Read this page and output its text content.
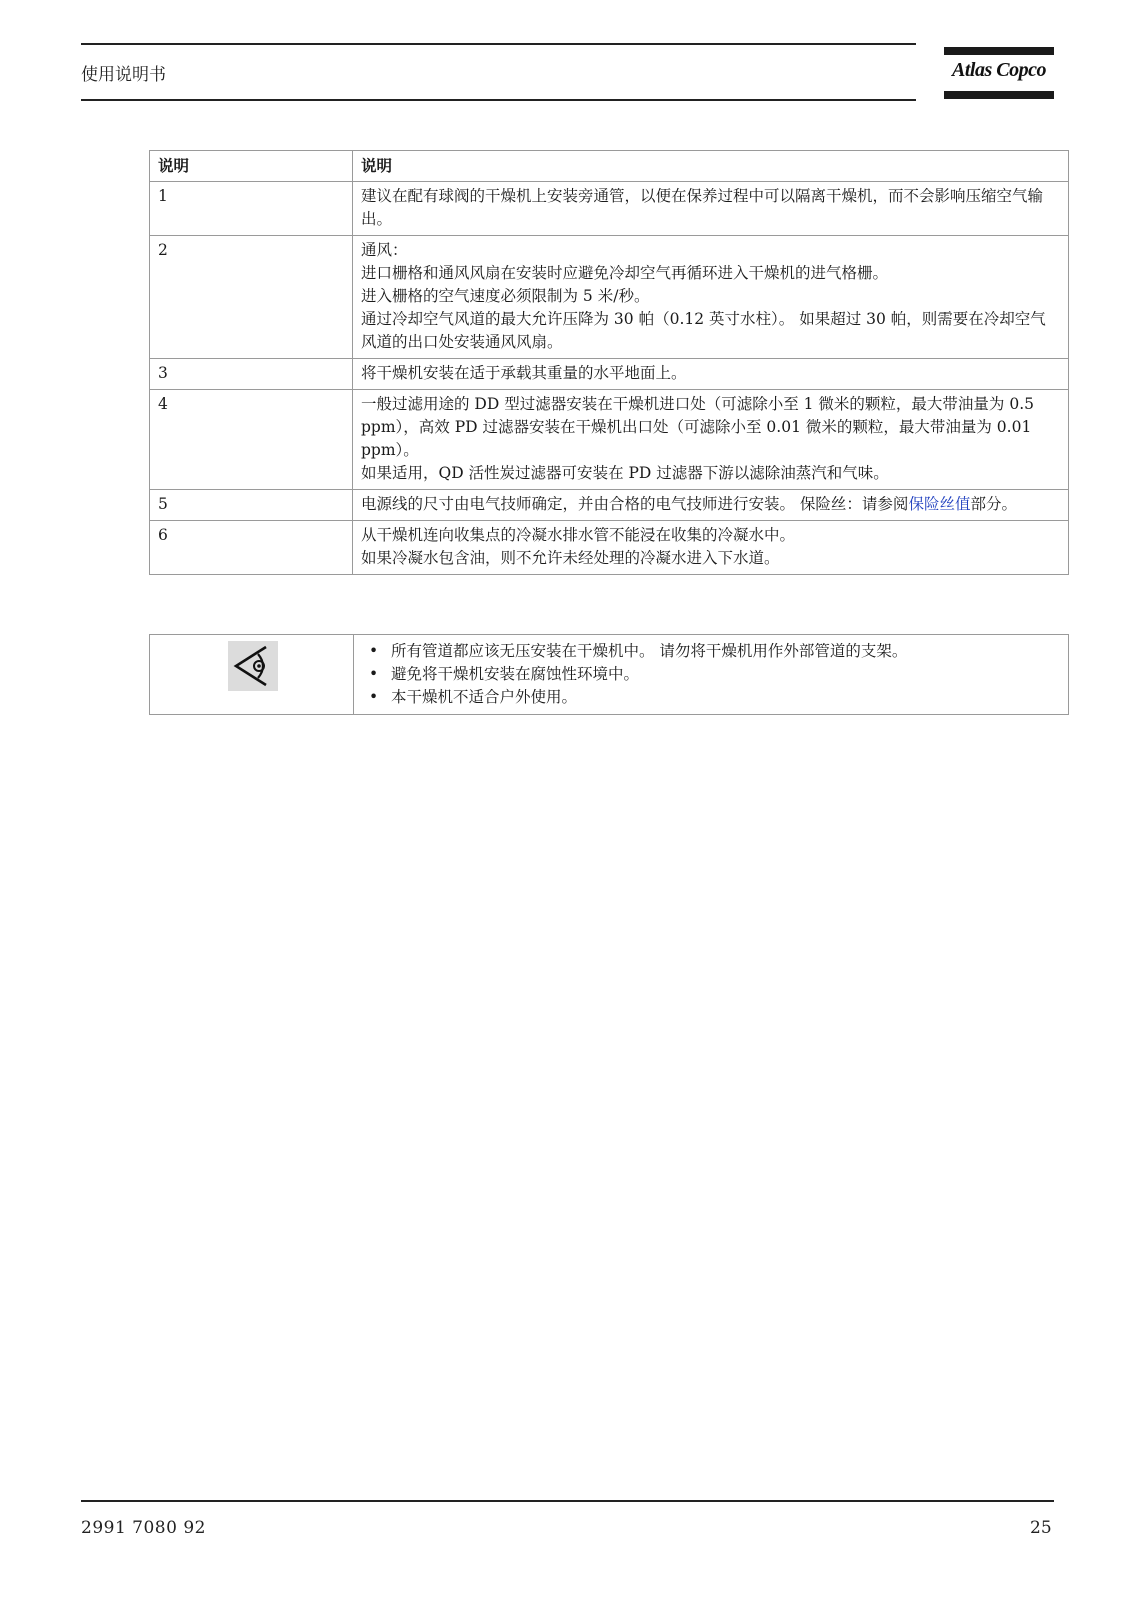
使用说明书	Atlas Copco
说明	说明
1	建议在配有球阀的干燥机上安装旁通管，以便在保养过程中可以隔离干燥机，而不会影响压缩空气输出。

2	通风：
进口栅格和通风风扇在安装时应避免冷却空气再循环进入干燥机的进气格栅。
进入栅格的空气速度必须限制为 5 米/秒。
通过冷却空气风道的最大允许压降为 30 帕（0.12 英寸水柱）。 如果超过 30 帕，则需要在冷却空气风道的出口处安装通风风扇。

3	将干燥机安装在适于承载其重量的水平地面上。

4	一般过滤用途的 DD 型过滤器安装在干燥机进口处（可滤除小至 1 微米的颗粒，最大带油量为 0.5 ppm），高效 PD 过滤器安装在干燥机出口处（可滤除小至 0.01 微米的颗粒，最大带油量为 0.01 ppm）。
如果适用，QD 活性炭过滤器可安装在 PD 过滤器下游以滤除油蒸汽和气味。

5	电源线的尺寸由电气技师确定，并由合格的电气技师进行安装。 保险丝：请参阅保险丝值部分。
6	从干燥机连向收集点的冷凝水排水管不能浸在收集的冷凝水中。
如果冷凝水包含油，则不允许未经处理的冷凝水进入下水道。

• 所有管道都应该无压安装在干燥机中。 请勿将干燥机用作外部管道的支架。
• 避免将干燥机安装在腐蚀性环境中。
• 本干燥机不适合户外使用。
2991 7080 92	25
